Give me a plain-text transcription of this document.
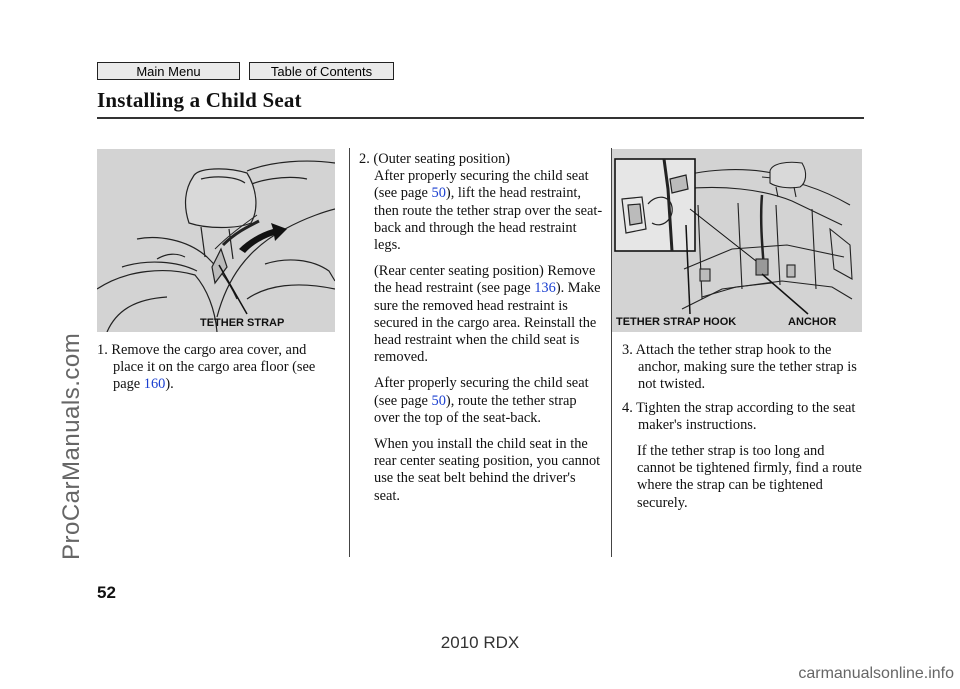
Main Menu	Table of Contents
Installing a Child Seat
TETHER STRAP	TETHER STRAP HOOK	ANCHOR

1. Remove the cargo area cover, and place it on the cargo area floor (see page 160).

2. (Outer seating position)

After properly securing the child seat (see page 50), lift the head restraint, then route the tether strap over the seat-back and through the head restraint legs.

(Rear center seating position) Remove the head restraint (see page 136). Make sure the removed head restraint is secured in the cargo area. Reinstall the head restraint when the child seat is removed.

After properly securing the child seat (see page 50), route the tether strap over the top of the seat-back.

When you install the child seat in the rear center seating position, you cannot use the seat belt behind the driver's seat.

3. Attach the tether strap hook to the anchor, making sure the tether strap is not twisted.

4. Tighten the strap according to the seat maker's instructions.

If the tether strap is too long and cannot be tightened firmly, find a route where the strap can be tightened securely.

52
2010 RDX
ProCarManuals.com
carmanualsonline.info
